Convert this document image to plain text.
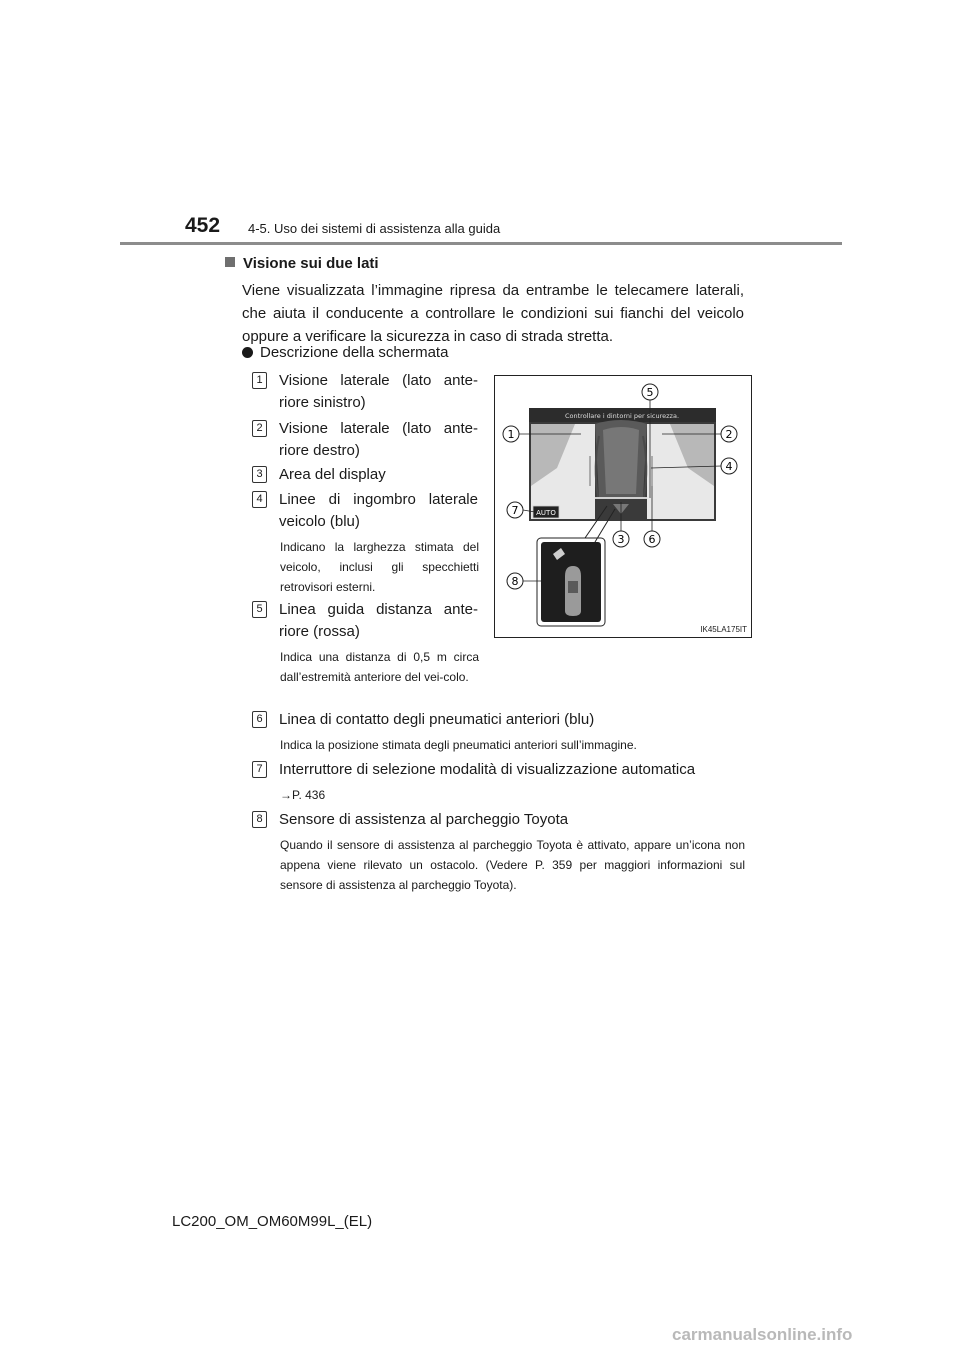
452 4-5. Uso dei sistemi di assistenza alla guida
Visione sui due lati
Viene visualizzata l’immagine ripresa da entrambe le telecamere laterali, che aiuta il conducente a controllare le condizioni sui fianchi del veicolo oppure a verificare la sicurezza in caso di strada stretta.
Descrizione della schermata
1 Visione laterale (lato ante-riore sinistro)
2 Visione laterale (lato ante-riore destro)
3 Area del display
4 Linee di ingombro laterale veicolo (blu)
Indicano la larghezza stimata del veicolo, inclusi gli specchietti retrovisori esterni.
5 Linea guida distanza ante-riore (rossa)
Indica una distanza di 0,5 m circa dall’estremità anteriore del vei-colo.
6 Linea di contatto degli pneumatici anteriori (blu)
Indica la posizione stimata degli pneumatici anteriori sull’immagine.
7 Interruttore di selezione modalità di visualizzazione automatica
→P. 436
8 Sensore di assistenza al parcheggio Toyota
Quando il sensore di assistenza al parcheggio Toyota è attivato, appare un’icona non appena viene rilevato un ostacolo. (Vedere P. 359 per maggiori informazioni sul sensore di assistenza al parcheggio Toyota).
Controllare i dintorni per sicurezza.
AUTO
1	2
3
4
5
6
7
8
IK45LA175IT
LC200_OM_OM60M99L_(EL)
carmanualsonline.info
